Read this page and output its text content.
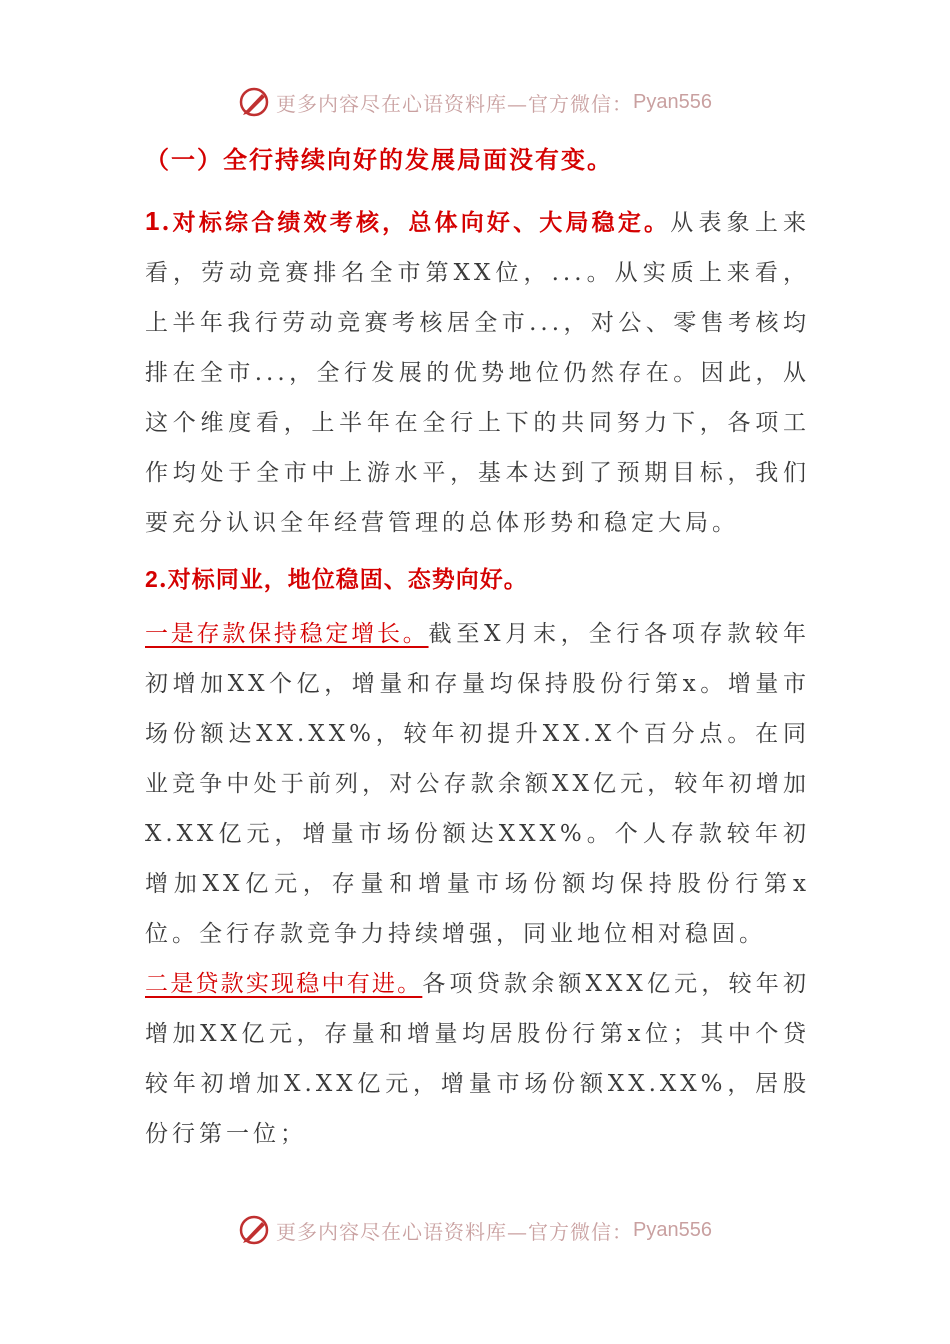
更多内容尽在心语资料库—官方微信： Pyan556
（一）全行持续向好的发展局面没有变。

1.对标综合绩效考核，总体向好、大局稳定。从表象上来看，劳动竞赛排名全市第XX位，...。从实质上来看，上半年我行劳动竞赛考核居全市...，对公、零售考核均排在全市...，全行发展的优势地位仍然存在。因此，从这个维度看，上半年在全行上下的共同努力下，各项工作均处于全市中上游水平，基本达到了预期目标，我们要充分认识全年经营管理的总体形势和稳定大局。

2.对标同业，地位稳固、态势向好。

一是存款保持稳定增长。截至X月末，全行各项存款较年初增加XX个亿，增量和存量均保持股份行第x。增量市场份额达XX.XX%，较年初提升XX.X个百分点。在同业竞争中处于前列，对公存款余额XX亿元，较年初增加X.XX亿元，增量市场份额达XXX%。个人存款较年初增加XX亿元，存量和增量市场份额均保持股份行第x位。全行存款竞争力持续增强，同业地位相对稳固。

二是贷款实现稳中有进。各项贷款余额XXX亿元，较年初增加XX亿元，存量和增量均居股份行第x位；其中个贷较年初增加X.XX亿元，增量市场份额XX.XX%，居股份行第一位；

更多内容尽在心语资料库—官方微信： Pyan556
